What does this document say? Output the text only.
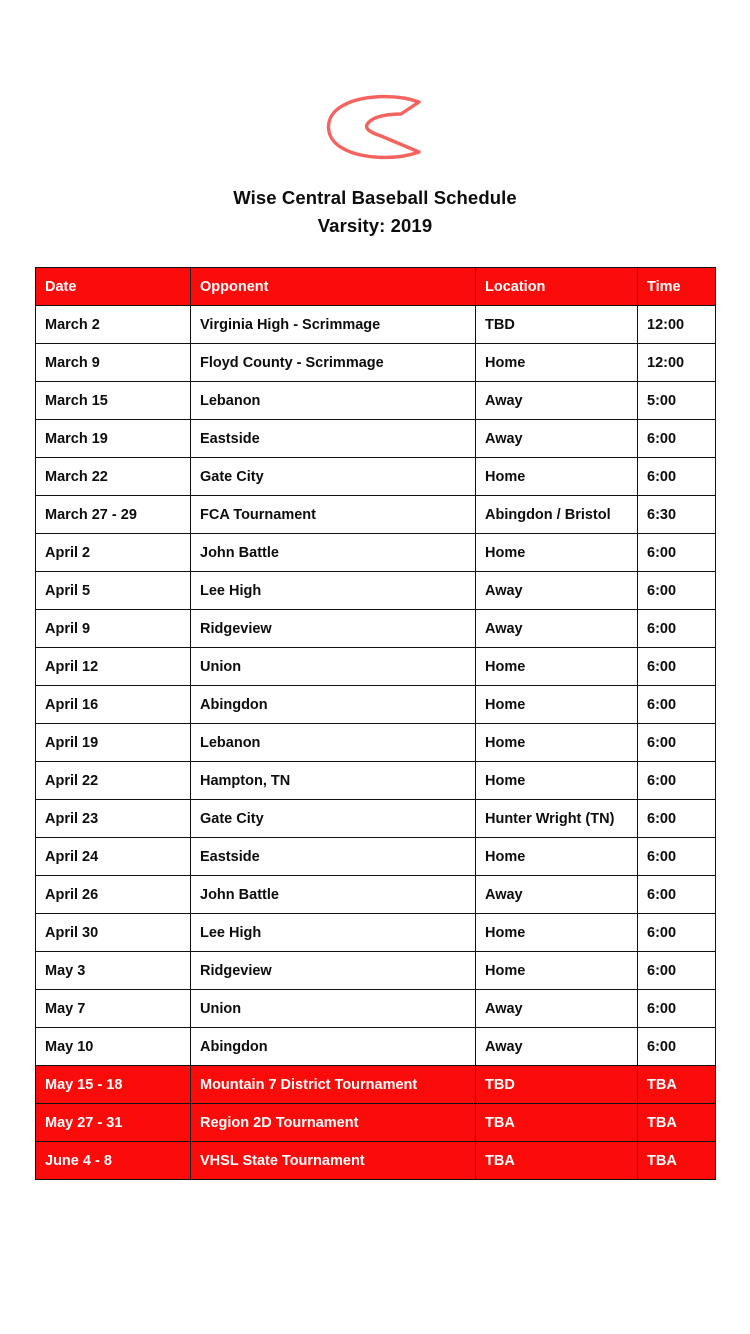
Wise Central Baseball Schedule
Varsity: 2019
Date	Opponent	Location	Time
March 2	Virginia High - Scrimmage	TBD	12:00
March 9	Floyd County - Scrimmage	Home	12:00
March 15	Lebanon	Away	5:00
March 19	Eastside	Away	6:00
March 22	Gate City	Home	6:00
March 27 - 29	FCA Tournament	Abingdon / Bristol	6:30
April 2	John Battle	Home	6:00
April 5	Lee High	Away	6:00
April 9	Ridgeview	Away	6:00
April 12	Union	Home	6:00
April 16	Abingdon	Home	6:00
April 19	Lebanon	Home	6:00
April 22	Hampton, TN	Home	6:00
April 23	Gate City	Hunter Wright (TN)	6:00
April 24	Eastside	Home	6:00
April 26	John Battle	Away	6:00
April 30	Lee High	Home	6:00
May 3	Ridgeview	Home	6:00
May 7	Union	Away	6:00
May 10	Abingdon	Away	6:00
May 15 - 18	Mountain 7 District Tournament	TBD	TBA
May 27 - 31	Region 2D Tournament	TBA	TBA
June 4 - 8	VHSL State Tournament	TBA	TBA
